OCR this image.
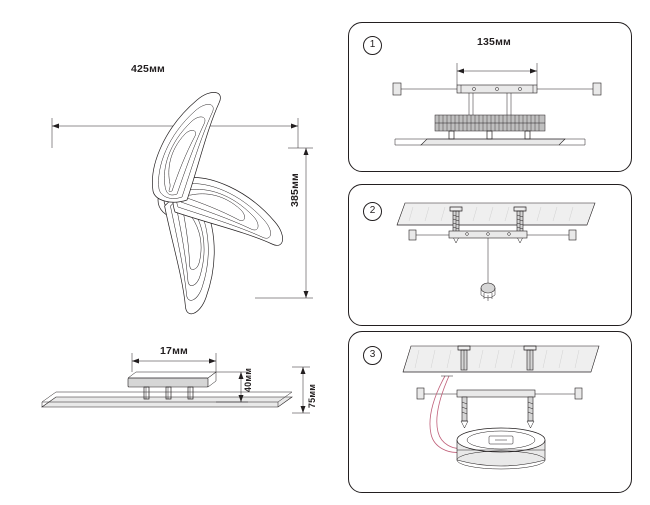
425мм
385мм
17мм
40мм
75мм
1	135мм
2
3
